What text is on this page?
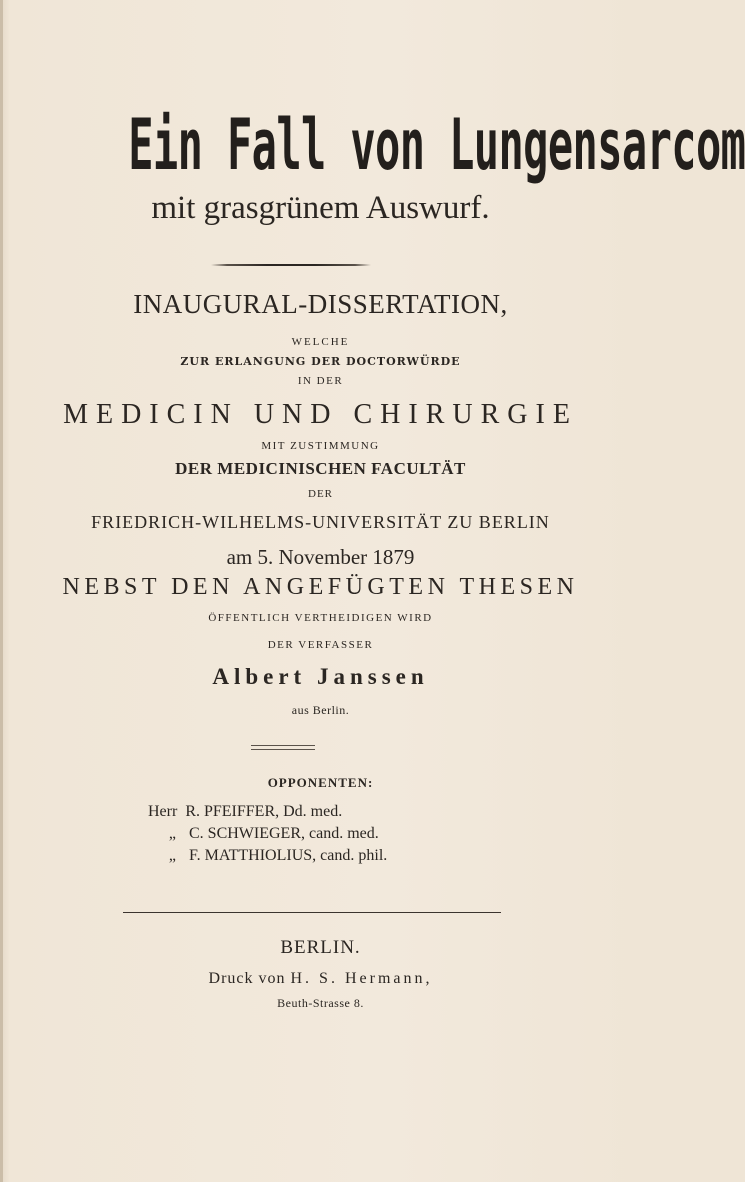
Ein Fall von Lungensarcom
mit grasgrünem Auswurf.
INAUGURAL-DISSERTATION,
WELCHE
ZUR ERLANGUNG DER DOCTORWÜRDE
IN DER
MEDICIN UND CHIRURGIE
MIT ZUSTIMMUNG
DER MEDICINISCHEN FACULTÄT
DER
FRIEDRICH-WILHELMS-UNIVERSITÄT ZU BERLIN
am 5. November 1879
NEBST DEN ANGEFÜGTEN THESEN
ÖFFENTLICH VERTHEIDIGEN WIRD
DER VERFASSER
Albert Janssen
aus Berlin.
OPPONENTEN:
Herr R. PFEIFFER, Dd. med.
„ C. SCHWIEGER, cand. med.
„ F. MATTHIOLIUS, cand. phil.
BERLIN.
Druck von H. S. Hermann,
Beuth-Strasse 8.
